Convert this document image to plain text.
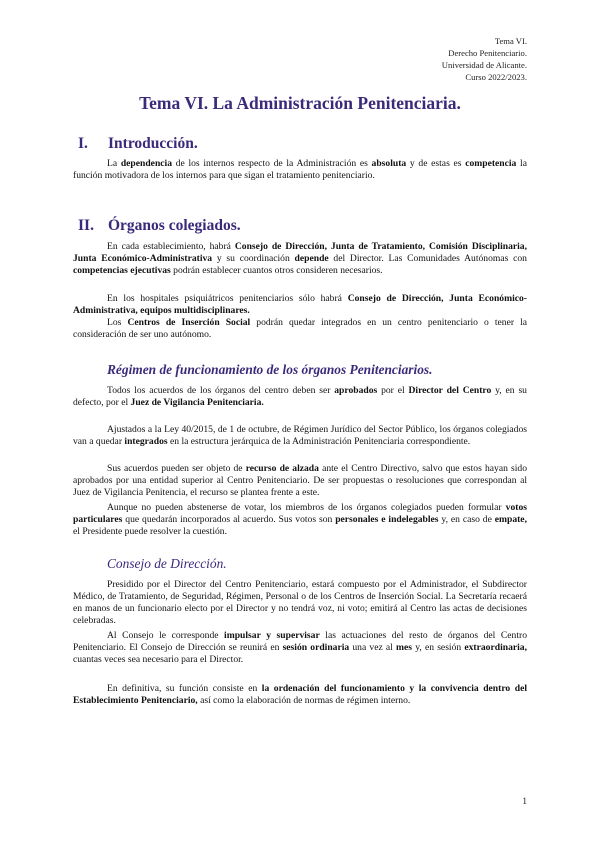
Tema VI.
Derecho Penitenciario.
Universidad de Alicante.
Curso 2022/2023.
Tema VI. La Administración Penitenciaria.
I. Introducción.

La dependencia de los internos respecto de la Administración es absoluta y de estas es competencia la función motivadora de los internos para que sigan el tratamiento penitenciario.

II. Órganos colegiados.

En cada establecimiento, habrá Consejo de Dirección, Junta de Tratamiento, Comisión Disciplinaria, Junta Económico-Administrativa y su coordinación depende del Director. Las Comunidades Autónomas con competencias ejecutivas podrán establecer cuantos otros consideren necesarios.

En los hospitales psiquiátricos penitenciarios sólo habrá Consejo de Dirección, Junta Económico-Administrativa, equipos multidisciplinares.

Los Centros de Inserción Social podrán quedar integrados en un centro penitenciario o tener la consideración de ser uno autónomo.

Régimen de funcionamiento de los órganos Penitenciarios.

Todos los acuerdos de los órganos del centro deben ser aprobados por el Director del Centro y, en su defecto, por el Juez de Vigilancia Penitenciaria.

Ajustados a la Ley 40/2015, de 1 de octubre, de Régimen Jurídico del Sector Público, los órganos colegiados van a quedar integrados en la estructura jerárquica de la Administración Penitenciaria correspondiente.

Sus acuerdos pueden ser objeto de recurso de alzada ante el Centro Directivo, salvo que estos hayan sido aprobados por una entidad superior al Centro Penitenciario. De ser propuestas o resoluciones que correspondan al Juez de Vigilancia Penitencia, el recurso se plantea frente a este.

Aunque no pueden abstenerse de votar, los miembros de los órganos colegiados pueden formular votos particulares que quedarán incorporados al acuerdo. Sus votos son personales e indelegables y, en caso de empate, el Presidente puede resolver la cuestión.

Consejo de Dirección.

Presidido por el Director del Centro Penitenciario, estará compuesto por el Administrador, el Subdirector Médico, de Tratamiento, de Seguridad, Régimen, Personal o de los Centros de Inserción Social. La Secretaría recaerá en manos de un funcionario electo por el Director y no tendrá voz, ni voto; emitirá al Centro las actas de decisiones celebradas.

Al Consejo le corresponde impulsar y supervisar las actuaciones del resto de órganos del Centro Penitenciario. El Consejo de Dirección se reunirá en sesión ordinaria una vez al mes y, en sesión extraordinaria, cuantas veces sea necesario para el Director.

En definitiva, su función consiste en la ordenación del funcionamiento y la convivencia dentro del Establecimiento Penitenciario, así como la elaboración de normas de régimen interno.

1
